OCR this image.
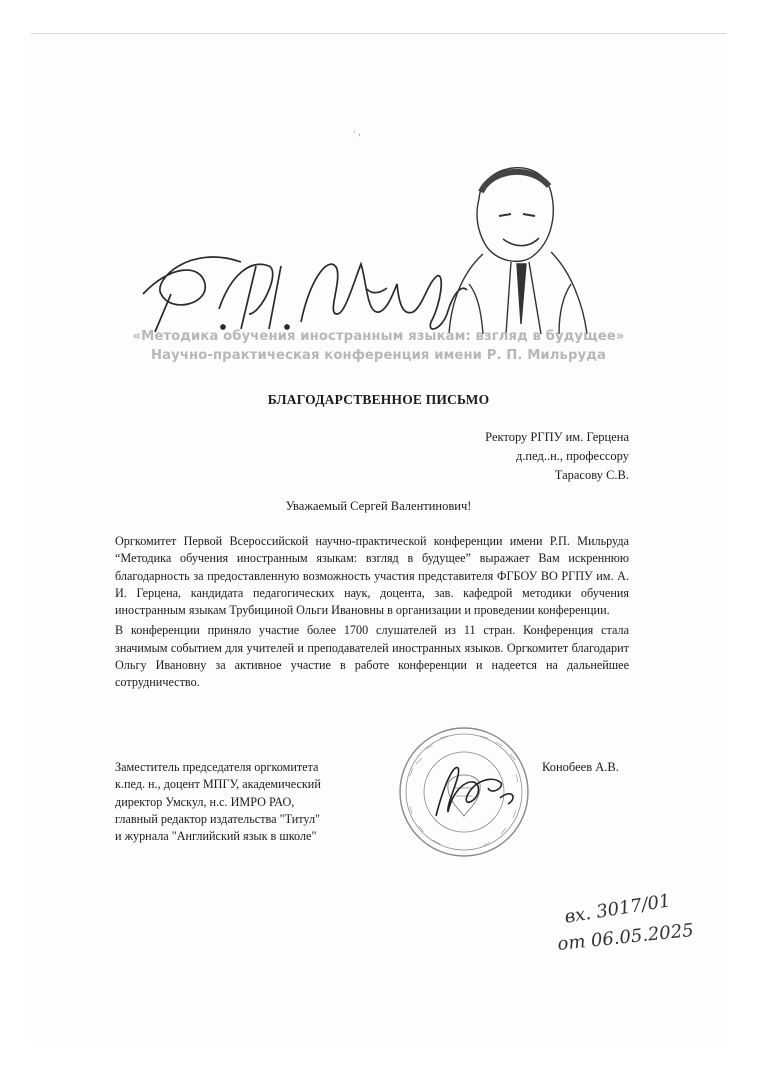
· ,
«Методика обучения иностранным языкам: взгляд в будущее»
Научно-практическая конференция имени Р. П. Мильруда
БЛАГОДАРСТВЕННОЕ ПИСЬМО
Ректору РГПУ им. Герцена
д.пед..н., профессору
Тарасову С.В.
Уважаемый Сергей Валентинович!

Оргкомитет Первой Всероссийской научно-практической конференции имени Р.П. Мильруда “Методика обучения иностранным языкам: взгляд в будущее” выражает Вам искреннюю благодарность за предоставленную возможность участия представителя ФГБОУ ВО РГПУ им. А. И. Герцена, кандидата педагогических наук, доцента, зав. кафедрой методики обучения иностранным языкам Трубициной Ольги Ивановны в организации и проведении конференции.

В конференции приняло участие более 1700 слушателей из 11 стран. Конференция стала значимым событием для учителей и преподавателей иностранных языков. Оргкомитет благодарит Ольгу Ивановну за активное участие в работе конференции и надеется на дальнейшее сотрудничество.

Заместитель председателя оргкомитета
к.пед. н., доцент МПГУ, академический
директор Умскул, н.с. ИМРО РАО,
главный редактор издательства "Титул"
и журнала "Английский язык в школе"
Конобеев А.В.
вх. 3017/01
от 06.05.2025
